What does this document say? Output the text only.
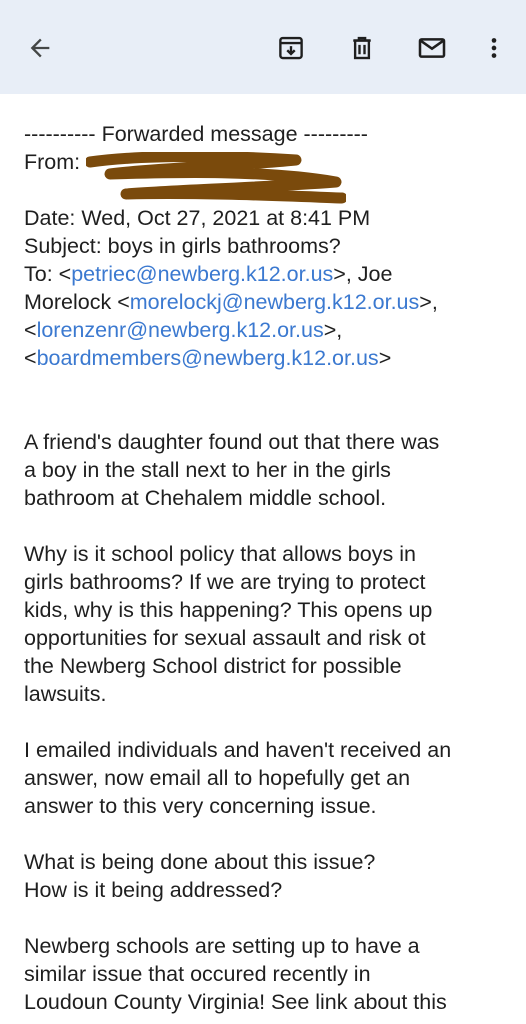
---------- Forwarded message ---------
From:

Date: Wed, Oct 27, 2021 at 8:41 PM
Subject: boys in girls bathrooms?
To: <petriec@newberg.k12.or.us>, Joe
Morelock <morelockj@newberg.k12.or.us>,
<lorenzenr@newberg.k12.or.us>,
<boardmembers@newberg.k12.or.us>
A friend's daughter found out that there was
a boy in the stall next to her in the girls
bathroom at Chehalem middle school.
Why is it school policy that allows boys in
girls bathrooms? If we are trying to protect
kids, why is this happening? This opens up
opportunities for sexual assault and risk ot
the Newberg School district for possible
lawsuits.
I emailed individuals and haven't received an
answer, now email all to hopefully get an
answer to this very concerning issue.
What is being done about this issue?
How is it being addressed?
Newberg schools are setting up to have a
similar issue that occured recently in
Loudoun County Virginia! See link about this
